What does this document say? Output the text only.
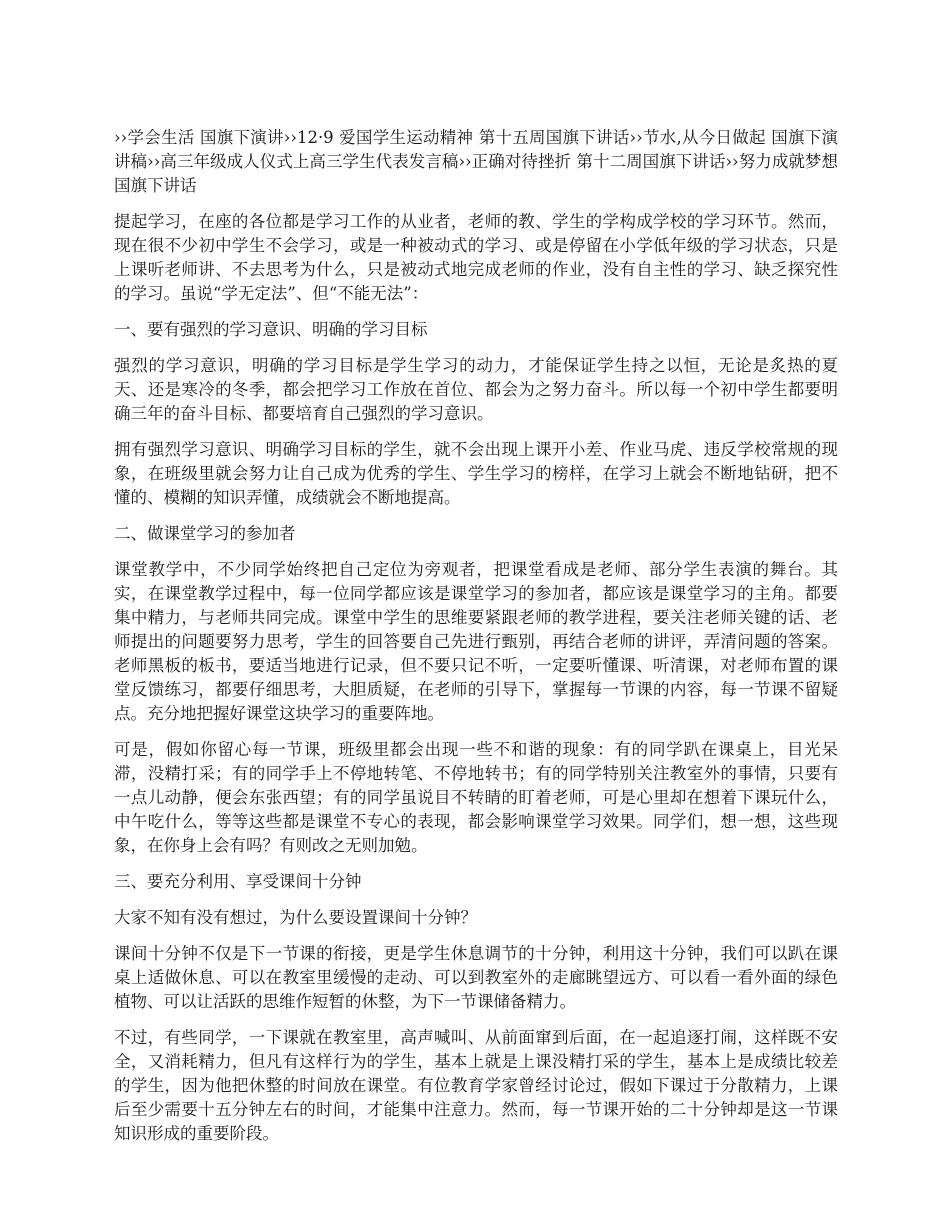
››学会生活 国旗下演讲››12·9 爱国学生运动精神 第十五周国旗下讲话››节水,从今日做起 国旗下演讲稿››高三年级成人仪式上高三学生代表发言稿››正确对待挫折 第十二周国旗下讲话››努力成就梦想 国旗下讲话

提起学习，在座的各位都是学习工作的从业者，老师的教、学生的学构成学校的学习环节。然而，现在很不少初中学生不会学习，或是一种被动式的学习、或是停留在小学低年级的学习状态，只是上课听老师讲、不去思考为什么，只是被动式地完成老师的作业，没有自主性的学习、缺乏探究性的学习。虽说“学无定法”、但“不能无法”：

一、要有强烈的学习意识、明确的学习目标

强烈的学习意识，明确的学习目标是学生学习的动力，才能保证学生持之以恒，无论是炙热的夏天、还是寒冷的冬季，都会把学习工作放在首位、都会为之努力奋斗。所以每一个初中学生都要明确三年的奋斗目标、都要培育自己强烈的学习意识。

拥有强烈学习意识、明确学习目标的学生，就不会出现上课开小差、作业马虎、违反学校常规的现象，在班级里就会努力让自己成为优秀的学生、学生学习的榜样，在学习上就会不断地钻研，把不懂的、模糊的知识弄懂，成绩就会不断地提高。

二、做课堂学习的参加者

课堂教学中，不少同学始终把自己定位为旁观者，把课堂看成是老师、部分学生表演的舞台。其实，在课堂教学过程中，每一位同学都应该是课堂学习的参加者，都应该是课堂学习的主角。都要集中精力，与老师共同完成。课堂中学生的思维要紧跟老师的教学进程，要关注老师关键的话、老师提出的问题要努力思考，学生的回答要自己先进行甄别，再结合老师的讲评，弄清问题的答案。老师黑板的板书，要适当地进行记录，但不要只记不听，一定要听懂课、听清课，对老师布置的课堂反馈练习，都要仔细思考，大胆质疑，在老师的引导下，掌握每一节课的内容，每一节课不留疑点。充分地把握好课堂这块学习的重要阵地。

可是，假如你留心每一节课，班级里都会出现一些不和谐的现象：有的同学趴在课桌上，目光呆滞，没精打采；有的同学手上不停地转笔、不停地转书；有的同学特别关注教室外的事情，只要有一点儿动静，便会东张西望；有的同学虽说目不转睛的盯着老师，可是心里却在想着下课玩什么，中午吃什么，等等这些都是课堂不专心的表现，都会影响课堂学习效果。同学们，想一想，这些现象，在你身上会有吗？有则改之无则加勉。

三、要充分利用、享受课间十分钟

大家不知有没有想过，为什么要设置课间十分钟？

课间十分钟不仅是下一节课的衔接，更是学生休息调节的十分钟，利用这十分钟，我们可以趴在课桌上适做休息、可以在教室里缓慢的走动、可以到教室外的走廊眺望远方、可以看一看外面的绿色植物、可以让活跃的思维作短暂的休整，为下一节课储备精力。

不过，有些同学，一下课就在教室里，高声喊叫、从前面窜到后面，在一起追逐打闹，这样既不安全，又消耗精力，但凡有这样行为的学生，基本上就是上课没精打采的学生，基本上是成绩比较差的学生，因为他把休整的时间放在课堂。有位教育学家曾经讨论过，假如下课过于分散精力，上课后至少需要十五分钟左右的时间，才能集中注意力。然而，每一节课开始的二十分钟却是这一节课知识形成的重要阶段。
